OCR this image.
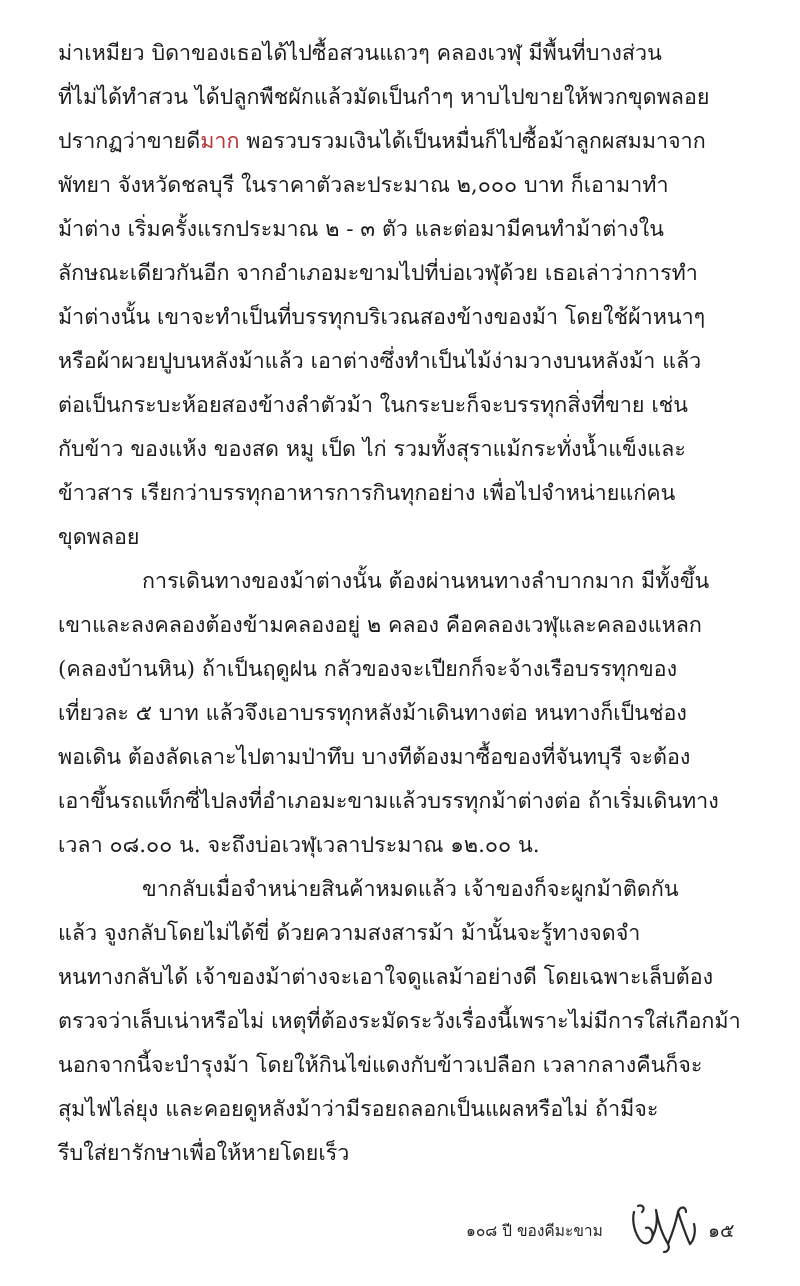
ม่าเหมียว บิดาของเธอได้ไปซื้อสวนแถวๆ คลองเวฬุ มีพื้นที่บางส่วน
ที่ไม่ได้ทำสวน ได้ปลูกพืชผักแล้วมัดเป็นกำๆ หาบไปขายให้พวกขุดพลอย
ปรากฏว่าขายดีมาก พอรวบรวมเงินได้เป็นหมื่นก็ไปซื้อม้าลูกผสมมาจาก
พัทยา จังหวัดชลบุรี ในราคาตัวละประมาณ ๒,๐๐๐ บาท ก็เอามาทำ
ม้าต่าง เริ่มครั้งแรกประมาณ ๒ - ๓ ตัว และต่อมามีคนทำม้าต่างใน
ลักษณะเดียวกันอีก จากอำเภอมะขามไปที่บ่อเวฬุด้วย เธอเล่าว่าการทำ
ม้าต่างนั้น เขาจะทำเป็นที่บรรทุกบริเวณสองข้างของม้า โดยใช้ผ้าหนาๆ
หรือผ้าผวยปูบนหลังม้าแล้ว เอาต่างซึ่งทำเป็นไม้ง่ามวางบนหลังม้า แล้ว
ต่อเป็นกระบะห้อยสองข้างลำตัวม้า ในกระบะก็จะบรรทุกสิ่งที่ขาย เช่น
กับข้าว ของแห้ง ของสด หมู เป็ด ไก่ รวมทั้งสุราแม้กระทั่งน้ำแข็งและ
ข้าวสาร เรียกว่าบรรทุกอาหารการกินทุกอย่าง เพื่อไปจำหน่ายแก่คน
ขุดพลอย
การเดินทางของม้าต่างนั้น ต้องผ่านหนทางลำบากมาก มีทั้งขึ้น
เขาและลงคลองต้องข้ามคลองอยู่ ๒ คลอง คือคลองเวฬุและคลองแหลก
(คลองบ้านหิน) ถ้าเป็นฤดูฝน กลัวของจะเปียกก็จะจ้างเรือบรรทุกของ
เที่ยวละ ๕ บาท แล้วจึงเอาบรรทุกหลังม้าเดินทางต่อ หนทางก็เป็นช่อง
พอเดิน ต้องลัดเลาะไปตามป่าทึบ บางทีต้องมาซื้อของที่จันทบุรี จะต้อง
เอาขึ้นรถแท็กซี่ไปลงที่อำเภอมะขามแล้วบรรทุกม้าต่างต่อ ถ้าเริ่มเดินทาง
เวลา ๐๘.๐๐ น. จะถึงบ่อเวฬุเวลาประมาณ ๑๒.๐๐ น.
ขากลับเมื่อจำหน่ายสินค้าหมดแล้ว เจ้าของก็จะผูกม้าติดกัน
แล้ว จูงกลับโดยไม่ได้ขี่ ด้วยความสงสารม้า ม้านั้นจะรู้ทางจดจำ
หนทางกลับได้ เจ้าของม้าต่างจะเอาใจดูแลม้าอย่างดี โดยเฉพาะเล็บต้อง
ตรวจว่าเล็บเน่าหรือไม่ เหตุที่ต้องระมัดระวังเรื่องนี้เพราะไม่มีการใส่เกือกม้า
นอกจากนี้จะบำรุงม้า โดยให้กินไข่แดงกับข้าวเปลือก เวลากลางคืนก็จะ
สุมไฟไล่ยุง และคอยดูหลังม้าว่ามีรอยถลอกเป็นแผลหรือไม่ ถ้ามีจะ
รีบใส่ยารักษาเพื่อให้หายโดยเร็ว
๑๐๘ ปี ของคีมะขาม	๑๕
